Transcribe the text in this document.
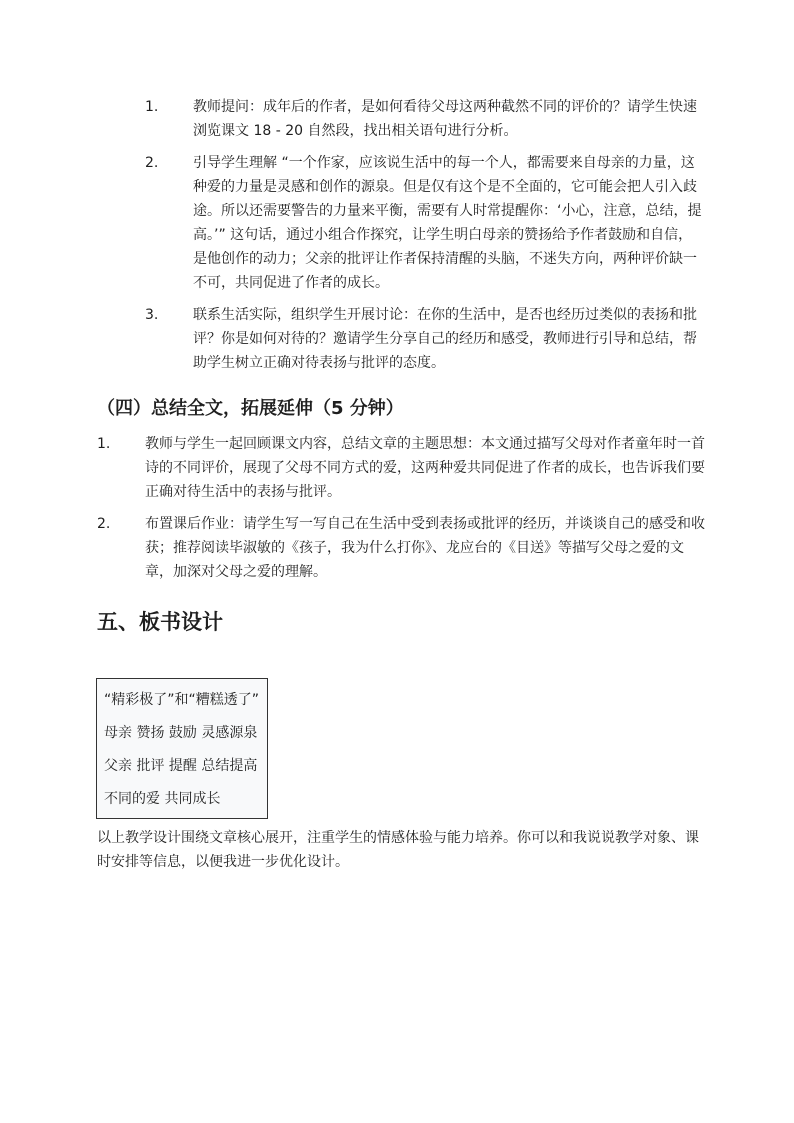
1. 教师提问：成年后的作者，是如何看待父母这两种截然不同的评价的？请学生快速浏览课文 18 - 20 自然段，找出相关语句进行分析。
2. 引导学生理解 “一个作家，应该说生活中的每一个人，都需要来自母亲的力量，这种爱的力量是灵感和创作的源泉。但是仅有这个是不全面的，它可能会把人引入歧途。所以还需要警告的力量来平衡，需要有人时常提醒你：‘小心，注意，总结，提高。’” 这句话，通过小组合作探究，让学生明白母亲的赞扬给予作者鼓励和自信，是他创作的动力；父亲的批评让作者保持清醒的头脑，不迷失方向，两种评价缺一不可，共同促进了作者的成长。
3. 联系生活实际，组织学生开展讨论：在你的生活中，是否也经历过类似的表扬和批评？你是如何对待的？邀请学生分享自己的经历和感受，教师进行引导和总结，帮助学生树立正确对待表扬与批评的态度。
（四）总结全文，拓展延伸（5 分钟）
1. 教师与学生一起回顾课文内容，总结文章的主题思想：本文通过描写父母对作者童年时一首诗的不同评价，展现了父母不同方式的爱，这两种爱共同促进了作者的成长，也告诉我们要正确对待生活中的表扬与批评。
2. 布置课后作业：请学生写一写自己在生活中受到表扬或批评的经历，并谈谈自己的感受和收获；推荐阅读毕淑敏的《孩子，我为什么打你》、龙应台的《目送》等描写父母之爱的文章，加深对父母之爱的理解。
五、板书设计
“精彩极了”和“糟糕透了”
母亲 赞扬 鼓励 灵感源泉
父亲 批评 提醒 总结提高
不同的爱 共同成长

以上教学设计围绕文章核心展开，注重学生的情感体验与能力培养。你可以和我说说教学对象、课时安排等信息，以便我进一步优化设计。
